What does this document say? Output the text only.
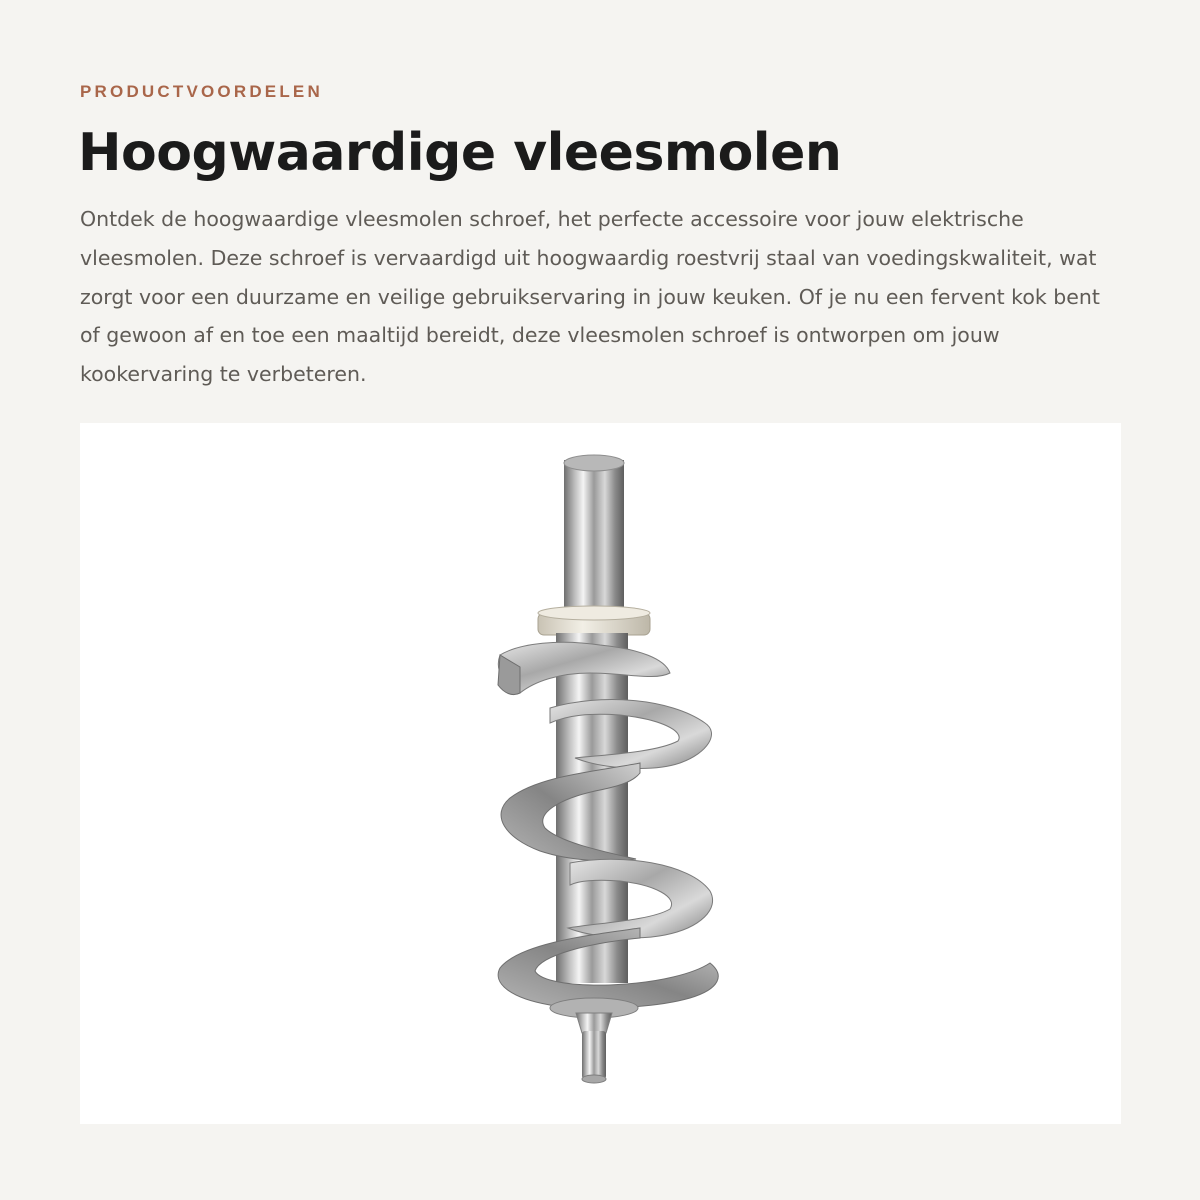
PRODUCTVOORDELEN
Hoogwaardige vleesmolen

Ontdek de hoogwaardige vleesmolen schroef, het perfecte accessoire voor jouw elektrische vleesmolen. Deze schroef is vervaardigd uit hoogwaardig roestvrij staal van voedingskwaliteit, wat zorgt voor een duurzame en veilige gebruikservaring in jouw keuken. Of je nu een fervent kok bent of gewoon af en toe een maaltijd bereidt, deze vleesmolen schroef is ontworpen om jouw kookervaring te verbeteren.
